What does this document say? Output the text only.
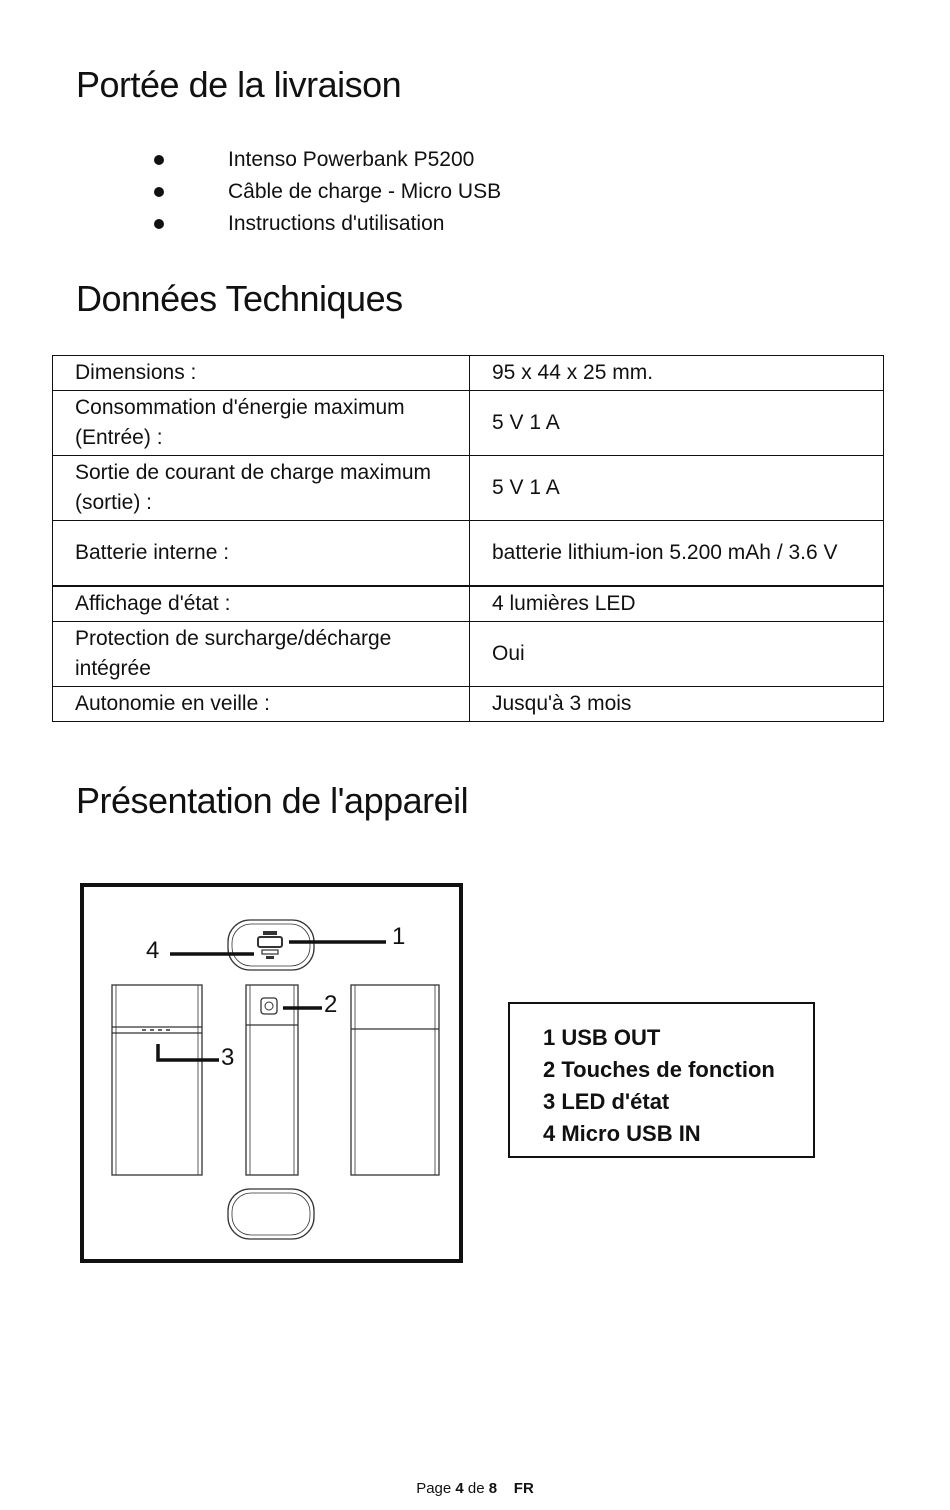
Portée de la livraison
Intenso Powerbank P5200
Câble de charge - Micro USB
Instructions d'utilisation
Données Techniques
Dimensions :	95 x 44 x 25 mm.
Consommation d'énergie maximum (Entrée) :	5 V 1 A
Sortie de courant de charge maximum (sortie) :	5 V 1 A
Batterie interne :	batterie lithium-ion 5.200 mAh / 3.6 V
Affichage d'état :	4 lumières LED
Protection de surcharge/décharge intégrée	Oui
Autonomie en veille :	Jusqu'à 3 mois
Présentation de l'appareil
1
4
2
3
1 USB OUT
2 Touches de fonction
3 LED d'état
4 Micro USB IN
Page 4 de 8 FR
